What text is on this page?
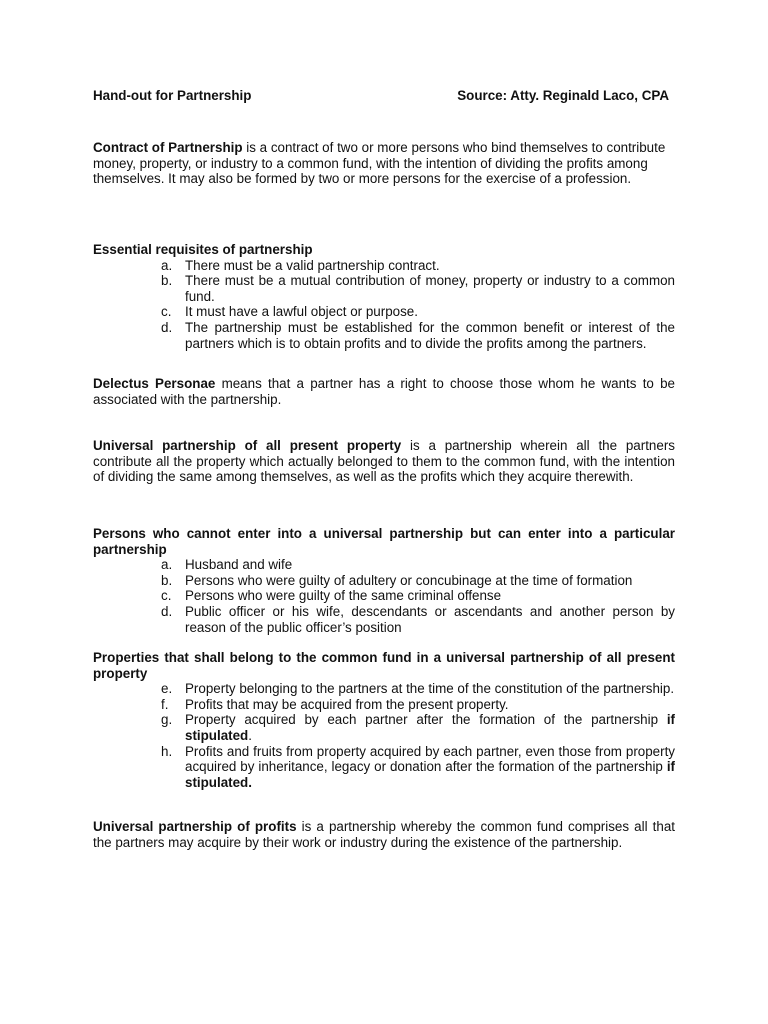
Hand-out for Partnership	Source: Atty. Reginald Laco, CPA
Contract of Partnership is a contract of two or more persons who bind themselves to contribute money, property, or industry to a common fund, with the intention of dividing the profits among themselves. It may also be formed by two or more persons for the exercise of a profession.
Essential requisites of partnership
a. There must be a valid partnership contract.
b. There must be a mutual contribution of money, property or industry to a common fund.
c. It must have a lawful object or purpose.
d. The partnership must be established for the common benefit or interest of the partners which is to obtain profits and to divide the profits among the partners.
Delectus Personae means that a partner has a right to choose those whom he wants to be associated with the partnership.
Universal partnership of all present property is a partnership wherein all the partners contribute all the property which actually belonged to them to the common fund, with the intention of dividing the same among themselves, as well as the profits which they acquire therewith.
Persons who cannot enter into a universal partnership but can enter into a particular partnership
a. Husband and wife
b. Persons who were guilty of adultery or concubinage at the time of formation
c. Persons who were guilty of the same criminal offense
d. Public officer or his wife, descendants or ascendants and another person by reason of the public officer’s position
Properties that shall belong to the common fund in a universal partnership of all present property
e. Property belonging to the partners at the time of the constitution of the partnership.
f. Profits that may be acquired from the present property.
g. Property acquired by each partner after the formation of the partnership if stipulated.
h. Profits and fruits from property acquired by each partner, even those from property acquired by inheritance, legacy or donation after the formation of the partnership if stipulated.
Universal partnership of profits is a partnership whereby the common fund comprises all that the partners may acquire by their work or industry during the existence of the partnership.
